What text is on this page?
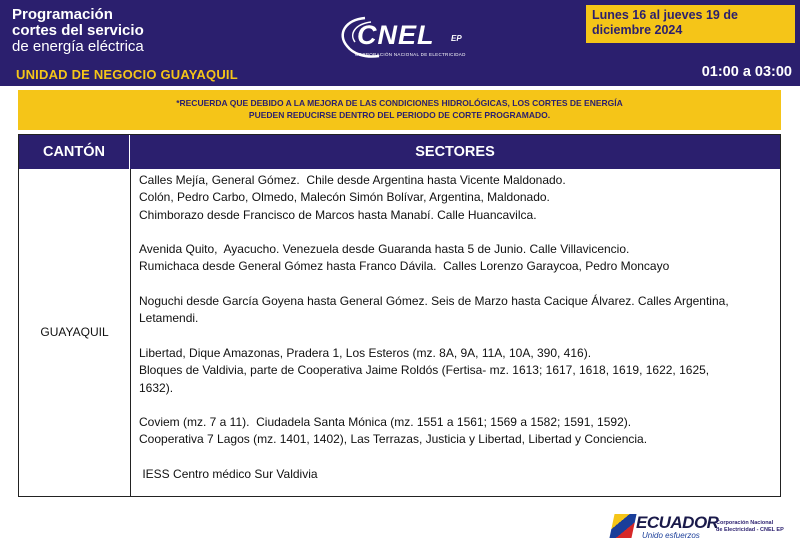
Programación
cortes del servicio
de energía eléctrica
UNIDAD DE NEGOCIO GUAYAQUIL
CNEL EP
CORPORACIÓN NACIONAL DE ELECTRICIDAD
Lunes 16 al jueves 19 de
diciembre 2024
01:00 a 03:00
*RECUERDA QUE DEBIDO A LA MEJORA DE LAS CONDICIONES HIDROLÓGICAS, LOS CORTES DE ENERGÍA
PUEDEN REDUCIRSE DENTRO DEL PERIODO DE CORTE PROGRAMADO.
CANTÓN	SECTORES
GUAYAQUIL
Calles Mejía, General Gómez.  Chile desde Argentina hasta Vicente Maldonado.
Colón, Pedro Carbo, Olmedo, Malecón Simón Bolívar, Argentina, Maldonado.
Chimborazo desde Francisco de Marcos hasta Manabí. Calle Huancavilca.
Avenida Quito,  Ayacucho. Venezuela desde Guaranda hasta 5 de Junio. Calle Villavicencio.
Rumichaca desde General Gómez hasta Franco Dávila.  Calles Lorenzo Garaycoa, Pedro Moncayo
Noguchi desde García Goyena hasta General Gómez. Seis de Marzo hasta Cacique Álvarez. Calles Argentina,
Letamendi.
Libertad, Dique Amazonas, Pradera 1, Los Esteros (mz. 8A, 9A, 11A, 10A, 390, 416).
Bloques de Valdivia, parte de Cooperativa Jaime Roldós (Fertisa- mz. 1613; 1617, 1618, 1619, 1622, 1625,
1632).
Coviem (mz. 7 a 11).  Ciudadela Santa Mónica (mz. 1551 a 1561; 1569 a 1582; 1591, 1592).
Cooperativa 7 Lagos (mz. 1401, 1402), Las Terrazas, Justicia y Libertad, Libertad y Conciencia.
IESS Centro médico Sur Valdivia
ECUADOR
Unido esfuerzos
Corporación Nacional
de Electricidad - CNEL EP
